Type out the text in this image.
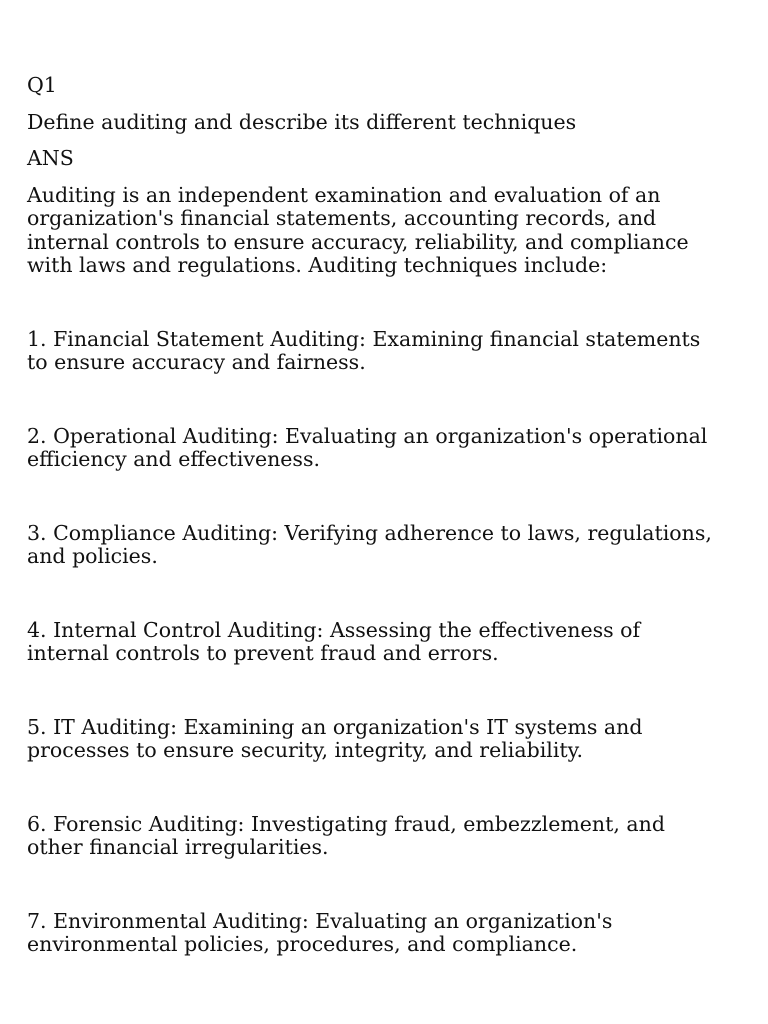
Q1
Define auditing and describe its different techniques
ANS
Auditing is an independent examination and evaluation of an organization's financial statements, accounting records, and internal controls to ensure accuracy, reliability, and compliance with laws and regulations. Auditing techniques include:
1. Financial Statement Auditing: Examining financial statements to ensure accuracy and fairness.
2. Operational Auditing: Evaluating an organization's operational efficiency and effectiveness.
3. Compliance Auditing: Verifying adherence to laws, regulations, and policies.
4. Internal Control Auditing: Assessing the effectiveness of internal controls to prevent fraud and errors.
5. IT Auditing: Examining an organization's IT systems and processes to ensure security, integrity, and reliability.
6. Forensic Auditing: Investigating fraud, embezzlement, and other financial irregularities.
7. Environmental Auditing: Evaluating an organization's environmental policies, procedures, and compliance.
